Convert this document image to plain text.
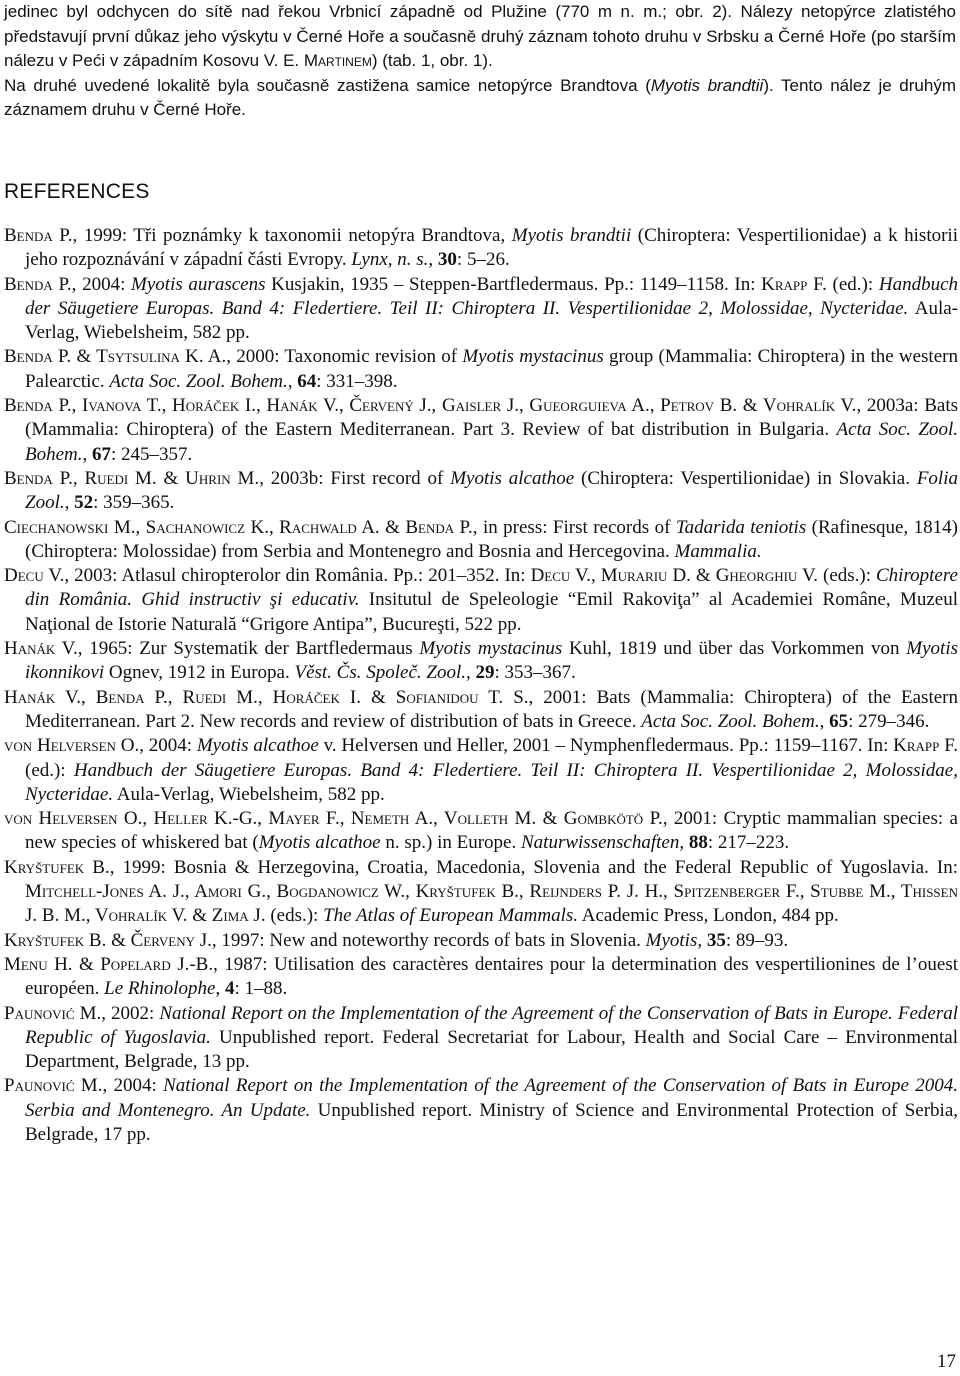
jedinec byl odchycen do sítě nad řekou Vrbnicí západně od Plužine (770 m n. m.; obr. 2). Nálezy netopýrce zlatistého představují první důkaz jeho výskytu v Černé Hoře a současně druhý záznam tohoto druhu v Srbsku a Černé Hoře (po starším nálezu v Peći v západním Kosovu V. E. Martinem) (tab. 1, obr. 1).

Na druhé uvedené lokalitě byla současně zastižena samice netopýrce Brandtova (Myotis brandtii). Tento nález je druhým záznamem druhu v Černé Hoře.

REFERENCES
Benda P., 1999: Tři poznámky k taxonomii netopýra Brandtova, Myotis brandtii (Chiroptera: Vespertilionidae) a k historii jeho rozpoznávání v západní části Evropy. Lynx, n. s., 30: 5–26.
Benda P., 2004: Myotis aurascens Kusjakin, 1935 – Steppen-Bartfledermaus. Pp.: 1149–1158. In: Krapp F. (ed.): Handbuch der Säugetiere Europas. Band 4: Fledertiere. Teil II: Chiroptera II. Vespertilionidae 2, Molossidae, Nycteridae. Aula-Verlag, Wiebelsheim, 582 pp.
Benda P. & Tsytsulina K. A., 2000: Taxonomic revision of Myotis mystacinus group (Mammalia: Chiroptera) in the western Palearctic. Acta Soc. Zool. Bohem., 64: 331–398.
Benda P., Ivanova T., Horáček I., Hanák V., Červený J., Gaisler J., Gueorguieva A., Petrov B. & Vohralík V., 2003a: Bats (Mammalia: Chiroptera) of the Eastern Mediterranean. Part 3. Review of bat distribution in Bulgaria. Acta Soc. Zool. Bohem., 67: 245–357.
Benda P., Ruedi M. & Uhrin M., 2003b: First record of Myotis alcathoe (Chiroptera: Vespertilionidae) in Slovakia. Folia Zool., 52: 359–365.
Ciechanowski M., Sachanowicz K., Rachwald A. & Benda P., in press: First records of Tadarida teniotis (Rafinesque, 1814) (Chiroptera: Molossidae) from Serbia and Montenegro and Bosnia and Hercegovina. Mammalia.
Decu V., 2003: Atlasul chiropterolor din România. Pp.: 201–352. In: Decu V., Murariu D. & Gheorghiu V. (eds.): Chiroptere din România. Ghid instructiv şi educativ. Insitutul de Speleologie “Emil Rakoviţa” al Academiei Române, Muzeul Naţional de Istorie Naturală “Grigore Antipa”, Bucureşti, 522 pp.
Hanák V., 1965: Zur Systematik der Bartfledermaus Myotis mystacinus Kuhl, 1819 und über das Vorkommen von Myotis ikonnikovi Ognev, 1912 in Europa. Věst. Čs. Společ. Zool., 29: 353–367.
Hanák V., Benda P., Ruedi M., Horáček I. & Sofianidou T. S., 2001: Bats (Mammalia: Chiroptera) of the Eastern Mediterranean. Part 2. New records and review of distribution of bats in Greece. Acta Soc. Zool. Bohem., 65: 279–346.
von Helversen O., 2004: Myotis alcathoe v. Helversen und Heller, 2001 – Nymphenfledermaus. Pp.: 1159–1167. In: Krapp F. (ed.): Handbuch der Säugetiere Europas. Band 4: Fledertiere. Teil II: Chiroptera II. Vespertilionidae 2, Molossidae, Nycteridae. Aula-Verlag, Wiebelsheim, 582 pp.
von Helversen O., Heller K.-G., Mayer F., Nemeth A., Volleth M. & Gombkötö P., 2001: Cryptic mammalian species: a new species of whiskered bat (Myotis alcathoe n. sp.) in Europe. Naturwissenschaften, 88: 217–223.
Kryštufek B., 1999: Bosnia & Herzegovina, Croatia, Macedonia, Slovenia and the Federal Republic of Yugoslavia. In: Mitchell-Jones A. J., Amori G., Bogdanowicz W., Kryštufek B., Reijnders P. J. H., Spitzenberger F., Stubbe M., Thissen J. B. M., Vohralík V. & Zima J. (eds.): The Atlas of European Mammals. Academic Press, London, 484 pp.
Kryštufek B. & Červeny J., 1997: New and noteworthy records of bats in Slovenia. Myotis, 35: 89–93.
Menu H. & Popelard J.-B., 1987: Utilisation des caractères dentaires pour la determination des vespertilionines de l’ouest européen. Le Rhinolophe, 4: 1–88.
Paunović M., 2002: National Report on the Implementation of the Agreement of the Conservation of Bats in Europe. Federal Republic of Yugoslavia. Unpublished report. Federal Secretariat for Labour, Health and Social Care – Environmental Department, Belgrade, 13 pp.
Paunović M., 2004: National Report on the Implementation of the Agreement of the Conservation of Bats in Europe 2004. Serbia and Montenegro. An Update. Unpublished report. Ministry of Science and Environmental Protection of Serbia, Belgrade, 17 pp.
17
